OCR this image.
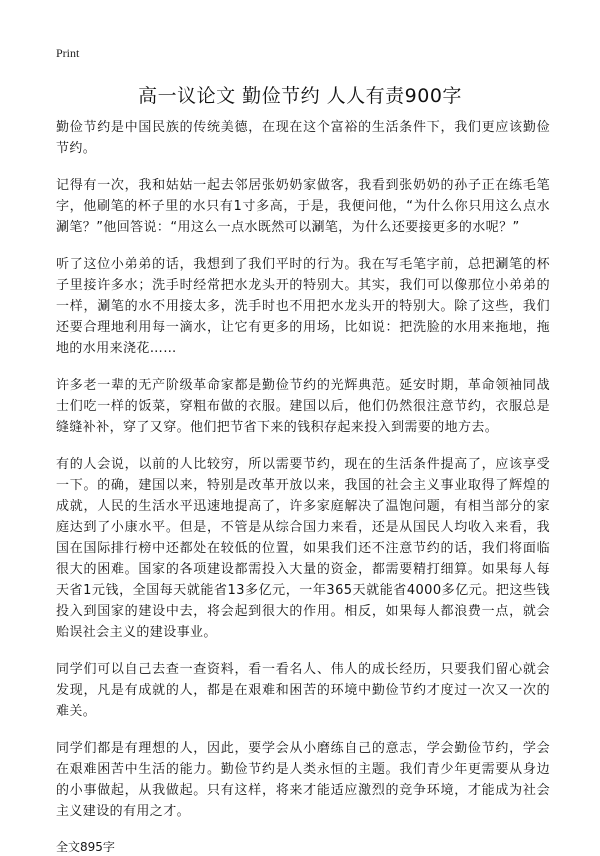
Print
高一议论文 勤俭节约 人人有责900字

勤俭节约是中国民族的传统美德，在现在这个富裕的生活条件下，我们更应该勤俭节约。

记得有一次，我和姑姑一起去邻居张奶奶家做客，我看到张奶奶的孙子正在练毛笔字，他刷笔的杯子里的水只有1寸多高，于是，我便问他，“为什么你只用这么点水涮笔？”他回答说：“用这么一点水既然可以涮笔，为什么还要接更多的水呢？”

听了这位小弟弟的话，我想到了我们平时的行为。我在写毛笔字前，总把涮笔的杯子里接许多水；洗手时经常把水龙头开的特别大。其实，我们可以像那位小弟弟的一样，涮笔的水不用接太多，洗手时也不用把水龙头开的特别大。除了这些，我们还要合理地利用每一滴水，让它有更多的用场，比如说：把洗脸的水用来拖地，拖地的水用来浇花……

许多老一辈的无产阶级革命家都是勤俭节约的光辉典范。延安时期，革命领袖同战士们吃一样的饭菜，穿粗布做的衣服。建国以后，他们仍然很注意节约，衣服总是缝缝补补，穿了又穿。他们把节省下来的钱积存起来投入到需要的地方去。

有的人会说，以前的人比较穷，所以需要节约，现在的生活条件提高了，应该享受一下。的确，建国以来，特别是改革开放以来，我国的社会主义事业取得了辉煌的成就，人民的生活水平迅速地提高了，许多家庭解决了温饱问题，有相当部分的家庭达到了小康水平。但是，不管是从综合国力来看，还是从国民人均收入来看，我国在国际排行榜中还都处在较低的位置，如果我们还不注意节约的话，我们将面临很大的困难。国家的各项建设都需投入大量的资金，都需要精打细算。如果每人每天省1元钱，全国每天就能省13多亿元，一年365天就能省4000多亿元。把这些钱投入到国家的建设中去，将会起到很大的作用。相反，如果每人都浪费一点，就会贻误社会主义的建设事业。

同学们可以自己去查一查资料，看一看名人、伟人的成长经历，只要我们留心就会发现，凡是有成就的人，都是在艰难和困苦的环境中勤俭节约才度过一次又一次的难关。

同学们都是有理想的人，因此，要学会从小磨练自己的意志，学会勤俭节约，学会在艰难困苦中生活的能力。勤俭节约是人类永恒的主题。我们青少年更需要从身边的小事做起，从我做起。只有这样，将来才能适应激烈的竞争环境，才能成为社会主义建设的有用之才。

全文895字
